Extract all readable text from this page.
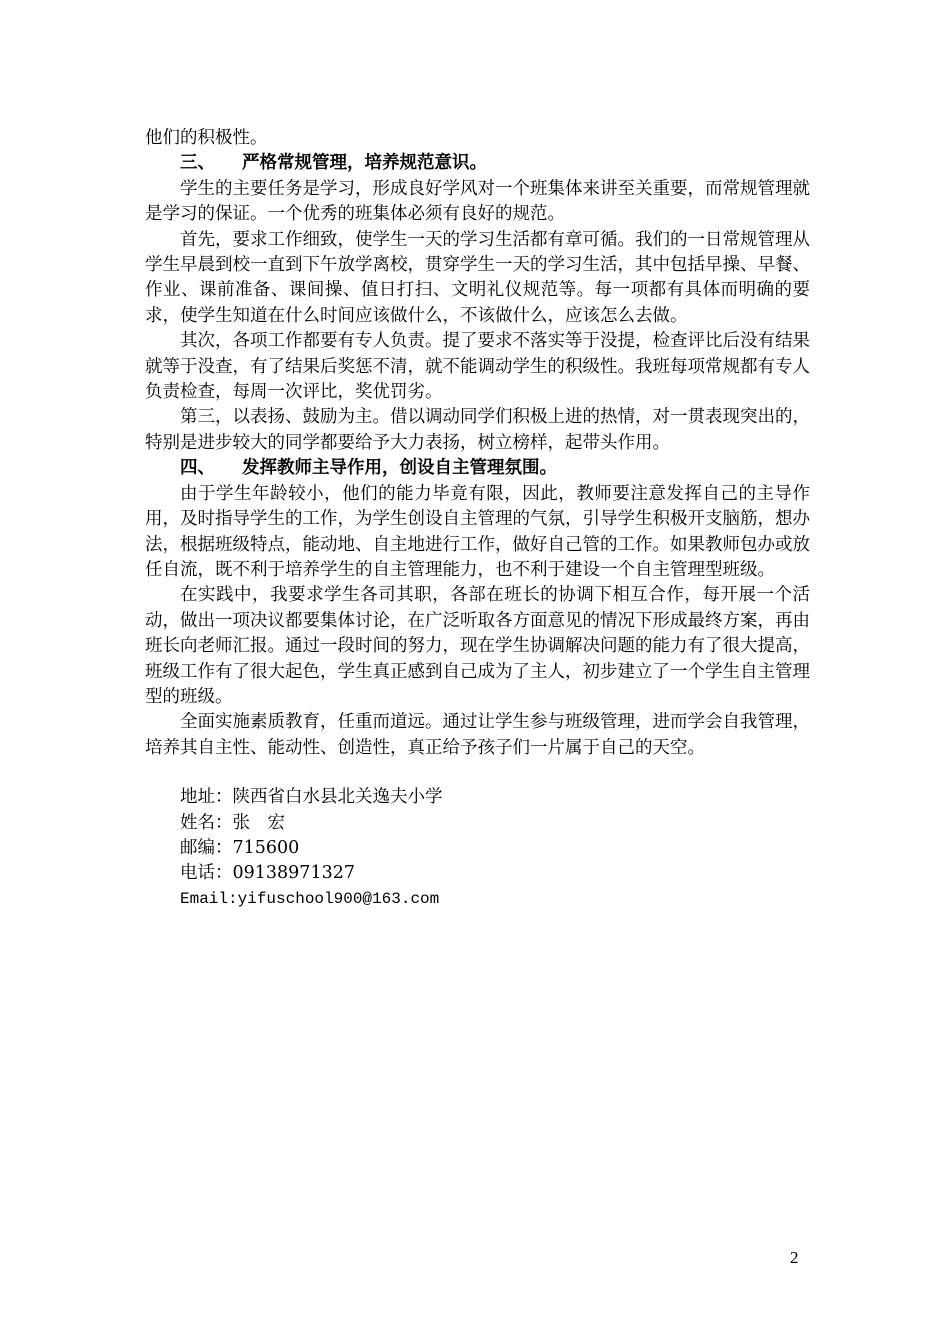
他们的积极性。

三、 严格常规管理，培养规范意识。

学生的主要任务是学习，形成良好学风对一个班集体来讲至关重要，而常规管理就是学习的保证。一个优秀的班集体必须有良好的规范。

首先，要求工作细致，使学生一天的学习生活都有章可循。我们的一日常规管理从学生早晨到校一直到下午放学离校，贯穿学生一天的学习生活，其中包括早操、早餐、作业、课前准备、课间操、值日打扫、文明礼仪规范等。每一项都有具体而明确的要求，使学生知道在什么时间应该做什么，不该做什么，应该怎么去做。

其次，各项工作都要有专人负责。提了要求不落实等于没提，检查评比后没有结果就等于没查，有了结果后奖惩不清，就不能调动学生的积级性。我班每项常规都有专人负责检查，每周一次评比，奖优罚劣。

第三，以表扬、鼓励为主。借以调动同学们积极上进的热情，对一贯表现突出的，特别是进步较大的同学都要给予大力表扬，树立榜样，起带头作用。

四、 发挥教师主导作用，创设自主管理氛围。

由于学生年龄较小，他们的能力毕竟有限，因此，教师要注意发挥自己的主导作用，及时指导学生的工作，为学生创设自主管理的气氛，引导学生积极开支脑筋，想办法，根据班级特点，能动地、自主地进行工作，做好自己管的工作。如果教师包办或放任自流，既不利于培养学生的自主管理能力，也不利于建设一个自主管理型班级。

在实践中，我要求学生各司其职，各部在班长的协调下相互合作，每开展一个活动，做出一项决议都要集体讨论，在广泛听取各方面意见的情况下形成最终方案，再由班长向老师汇报。通过一段时间的努力，现在学生协调解决问题的能力有了很大提高，班级工作有了很大起色，学生真正感到自己成为了主人，初步建立了一个学生自主管理型的班级。

全面实施素质教育，任重而道远。通过让学生参与班级管理，进而学会自我管理，培养其自主性、能动性、创造性，真正给予孩子们一片属于自己的天空。

地址：陕西省白水县北关逸夫小学
姓名：张　宏
邮编：715600
电话：09138971327
Email:yifuschool900@163.com
2
